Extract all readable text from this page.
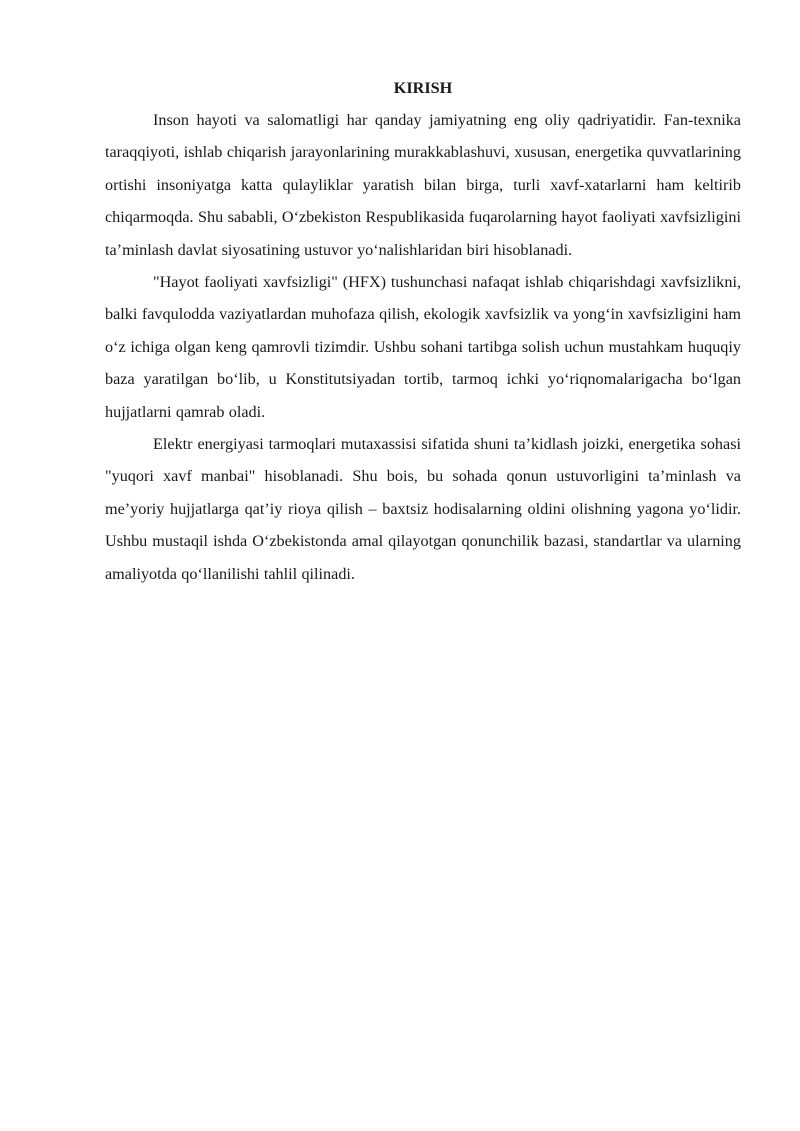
KIRISH

Inson hayoti va salomatligi har qanday jamiyatning eng oliy qadriyatidir. Fan-texnika taraqqiyoti, ishlab chiqarish jarayonlarining murakkablashuvi, xususan, energetika quvvatlarining ortishi insoniyatga katta qulayliklar yaratish bilan birga, turli xavf-xatarlarni ham keltirib chiqarmoqda. Shu sababli, O‘zbekiston Respublikasida fuqarolarning hayot faoliyati xavfsizligini ta’minlash davlat siyosatining ustuvor yo‘nalishlaridan biri hisoblanadi.

"Hayot faoliyati xavfsizligi" (HFX) tushunchasi nafaqat ishlab chiqarishdagi xavfsizlikni, balki favqulodda vaziyatlardan muhofaza qilish, ekologik xavfsizlik va yong‘in xavfsizligini ham o‘z ichiga olgan keng qamrovli tizimdir. Ushbu sohani tartibga solish uchun mustahkam huquqiy baza yaratilgan bo‘lib, u Konstitutsiyadan tortib, tarmoq ichki yo‘riqnomalarigacha bo‘lgan hujjatlarni qamrab oladi.

Elektr energiyasi tarmoqlari mutaxassisi sifatida shuni ta’kidlash joizki, energetika sohasi "yuqori xavf manbai" hisoblanadi. Shu bois, bu sohada qonun ustuvorligini ta’minlash va me’yoriy hujjatlarga qat’iy rioya qilish – baxtsiz hodisalarning oldini olishning yagona yo‘lidir. Ushbu mustaqil ishda O‘zbekistonda amal qilayotgan qonunchilik bazasi, standartlar va ularning amaliyotda qo‘llanilishi tahlil qilinadi.
